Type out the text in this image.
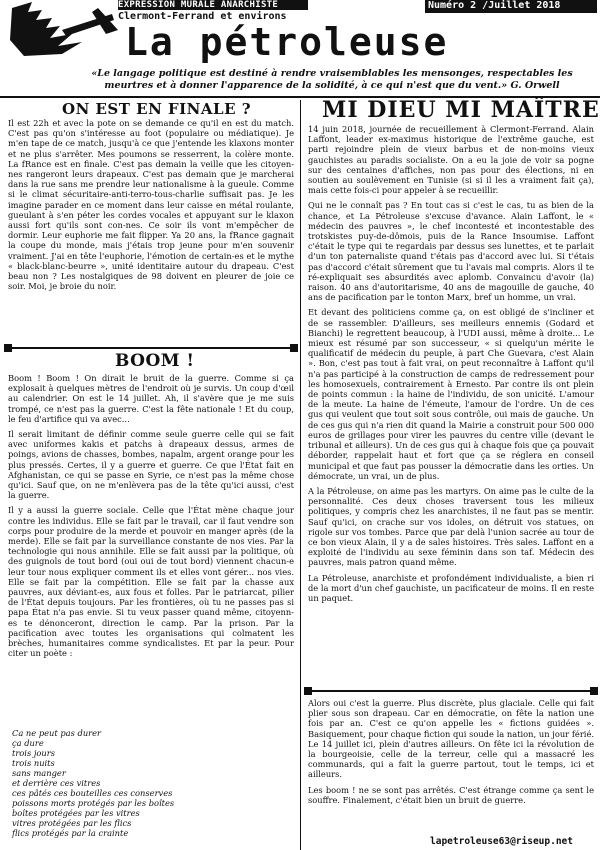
EXPRESSION MURALE ANARCHISTE
Clermont-Ferrand et environs
Numéro 2 /Juillet 2018
La pétroleuse
«Le langage politique est destiné à rendre vraisemblables les mensonges, respectables les meurtres et à donner l'apparence de la solidité, à ce qui n'est que du vent.» G. Orwell
ON EST EN FINALE ?

Il est 22h et avec la pote on se demande ce qu'il en est du match. C'est pas qu'on s'intéresse au foot (populaire ou médiatique). Je m'en tape de ce match, jusqu'à ce que j'entende les klaxons monter et ne plus s'arrêter. Mes poumons se resserrent, la colère monte. La fRance est en finale. C'est pas demain la veille que les citoyen-nes rangeront leurs drapeaux. C'est pas demain que je marcherai dans la rue sans me prendre leur nationalisme à la gueule. Comme si le climat sécuritaire-anti-terro-tous-charlie suffisait pas. Je les imagine parader en ce moment dans leur caisse en métal roulante, gueulant à s'en péter les cordes vocales et appuyant sur le klaxon aussi fort qu'ils sont con-nes. Ce soir ils vont m'empêcher de dormir. Leur euphorie me fait flipper. Ya 20 ans, la fRance gagnait la coupe du monde, mais j'étais trop jeune pour m'en souvenir vraiment. J'ai en tête l'euphorie, l'émotion de certain-es et le mythe « black-blanc-beurre », unité identitaire autour du drapeau. C'est beau non ? Les nostalgiques de 98 doivent en pleurer de joie ce soir. Moi, je broie du noir.

BOOM !

Boom ! Boom ! On dirait le bruit de la guerre. Comme si ça explosait à quelques mètres de l'endroit où je survis. Un coup d'œil au calendrier. On est le 14 juillet. Ah, il s'avère que je me suis trompé, ce n'est pas la guerre. C'est la fête nationale ! Et du coup, le feu d'artifice qui va avec...

Il serait limitant de définir comme seule guerre celle qui se fait avec uniformes kakis et patchs à drapeaux dessus, armes de poings, avions de chasses, bombes, napalm, argent orange pour les plus pressés. Certes, il y a guerre et guerre. Ce que l'État fait en Afghanistan, ce qui se passe en Syrie, ce n'est pas la même chose qu'ici. Sauf que, on ne m'enlèvera pas de la tête qu'ici aussi, c'est la guerre.

Il y a aussi la guerre sociale. Celle que l'État mène chaque jour contre les individus. Elle se fait par le travail, car il faut vendre son corps pour produire de la merde et pouvoir en manger après (de la merde). Elle se fait par la surveillance constante de nos vies. Par la technologie qui nous annihile. Elle se fait aussi par la politique, où des guignols de tout bord (oui oui de tout bord) viennent chacun-e leur tour nous expliquer comment ils et elles vont gérer... nos vies. Elle se fait par la compétition. Elle se fait par la chasse aux pauvres, aux déviant-es, aux fous et folles. Par le patriarcat, pilier de l'État depuis toujours. Par les frontières, où tu ne passes pas si papa État n'a pas envie. Si tu veux passer quand même, citoyenn-es te dénonceront, direction le camp. Par la prison. Par la pacification avec toutes les organisations qui colmatent les brèches, humanitaires comme syndicalistes. Et par la peur. Pour citer un poète :

Ca ne peut pas durer
ça dure
trois jours
trois nuits
sans manger
et derrière ces vitres
ces pâtés ces bouteilles ces conserves
poissons morts protégés par les boîtes
boîtes protégées par les vitres
vitres protégées par les flics
flics protégés par la crainte
MI DIEU MI MAÎTRE

14 juin 2018, journée de recueillement à Clermont-Ferrand. Alain Laffont, leader ex-maximus historique de l'extrême gauche, est parti rejoindre plein de vieux barbus et de non-moins vieux gauchistes au paradis socialiste. On a eu la joie de voir sa pogne sur des centaines d'affiches, non pas pour des élections, ni en soutien au soulèvement en Tunisie (si si il les a vraiment fait ça), mais cette fois-ci pour appeler à se recueillir.

Qui ne le connaît pas ? En tout cas si c'est le cas, tu as bien de la chance, et La Pétroleuse s'excuse d'avance. Alain Laffont, le « médecin des pauvres », le chef incontesté et incontestable des trotskistes puy-de-dômois, puis de la Rance Insoumise. Laffont c'était le type qui te regardais par dessus ses lunettes, et te parlait d'un ton paternaliste quand t'étais pas d'accord avec lui. Si t'étais pas d'accord c'était sûrement que tu l'avais mal compris. Alors il te ré-expliquait ses absurdités avec aplomb. Convaincu d'avoir (la) raison. 40 ans d'autoritarisme, 40 ans de magouille de gauche, 40 ans de pacification par le tonton Marx, bref un homme, un vrai.

Et devant des politiciens comme ça, on est obligé de s'incliner et de se rassembler. D'ailleurs, ses meilleurs ennemis (Godard et Bianchi) le regrettent beaucoup, à l'UDI aussi, même à droite... Le mieux est résumé par son successeur, « si quelqu'un mérite le qualificatif de médecin du peuple, à part Che Guevara, c'est Alain ». Bon, c'est pas tout à fait vrai, on peut reconnaître à Laffont qu'il n'a pas participé à la construction de camps de redressement pour les homosexuels, contrairement à Ernesto. Par contre ils ont plein de points commun : la haine de l'individu, de son unicité. L'amour de la meute. La haine de l'émeute, l'amour de l'ordre. Un de ces gus qui veulent que tout soit sous contrôle, oui mais de gauche. Un de ces gus qui n'a rien dit quand la Mairie a construit pour 500 000 euros de grillages pour virer les pauvres du centre ville (devant le tribunal et ailleurs). Un de ces gus qui à chaque fois que ça pouvait déborder, rappelait haut et fort que ça se réglera en conseil municipal et que faut pas pousser la démocratie dans les orties. Un démocrate, un vrai, un de plus.

A la Pétroleuse, on aime pas les martyrs. On aime pas le culte de la personnalité. Ces deux choses traversent tous les milieux politiques, y compris chez les anarchistes, il ne faut pas se mentir. Sauf qu'ici, on crache sur vos idoles, on détruit vos statues, on rigole sur vos tombes. Parce que par delà l'union sacrée au tour de ce bon vieux Alain, il y a de sales histoires. Très sales. Laffont en a exploité de l'individu au sexe féminin dans son taf. Médecin des pauvres, mais patron quand même.

La Pétroleuse, anarchiste et profondément individualiste, a bien ri de la mort d'un chef gauchiste, un pacificateur de moins. Il en reste un paquet.

Alors oui c'est la guerre. Plus discrète, plus glaciale. Celle qui fait plier sous son drapeau. Car en démocratie, on fête la nation une fois par an. C'est ce qu'on appelle les « fictions guidées ». Basiquement, pour chaque fiction qui soude la nation, un jour férié. Le 14 juillet ici, plein d'autres ailleurs. On fête ici la révolution de la bourgeoisie, celle de la terreur, celle qui a massacré les communards, qui a fait la guerre partout, tout le temps, ici et ailleurs.

Les boom ! ne se sont pas arrêtés. C'est étrange comme ça sent le souffre. Finalement, c'était bien un bruit de guerre.

lapetroleuse63@riseup.net
